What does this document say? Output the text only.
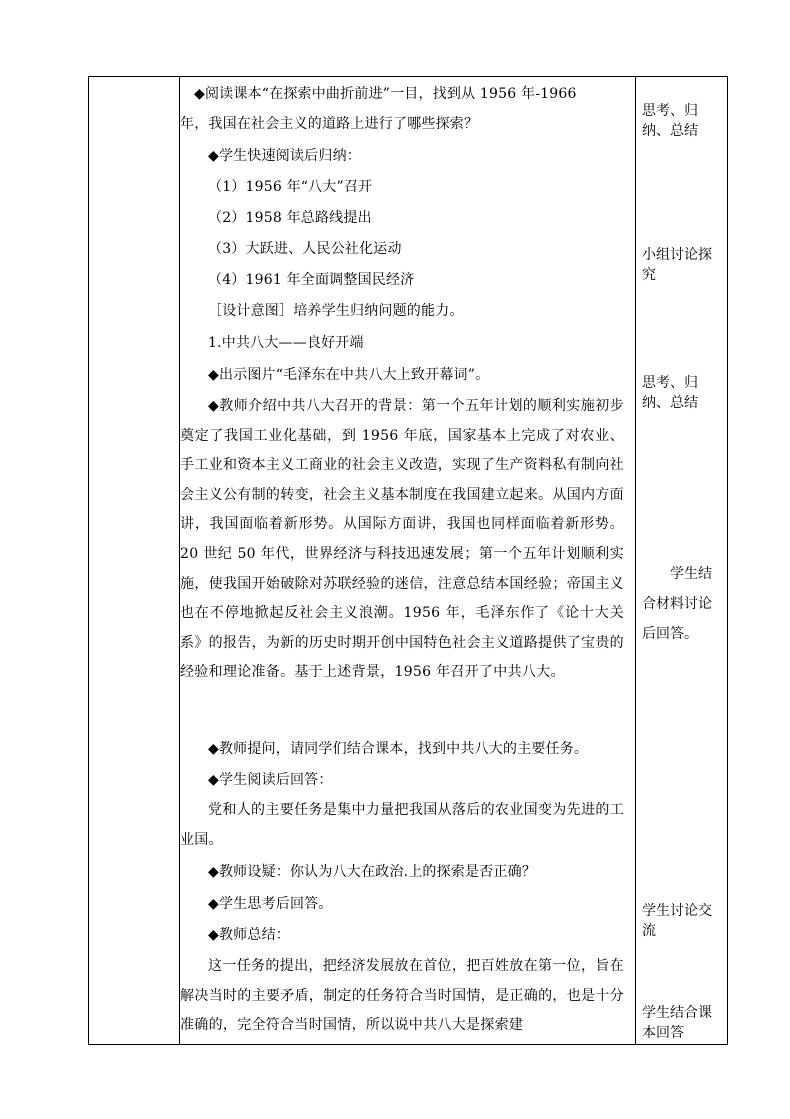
◆阅读课本“在探索中曲折前进”一目，找到从 1956 年-1966
年，我国在社会主义的道路上进行了哪些探索？
◆学生快速阅读后归纳：
（1）1956 年“八大”召开
（2）1958 年总路线提出
（3）大跃进、人民公社化运动
（4）1961 年全面调整国民经济
［设计意图］培养学生归纳问题的能力。
1.中共八大——良好开端
◆出示图片“毛泽东在中共八大上致开幕词”。
◆教师介绍中共八大召开的背景：第一个五年计划的顺利实施初步奠定了我国工业化基础，到 1956 年底，国家基本上完成了对农业、手工业和资本主义工商业的社会主义改造，实现了生产资料私有制向社会主义公有制的转变，社会主义基本制度在我国建立起来。从国内方面讲，我国面临着新形势。从国际方面讲，我国也同样面临着新形势。20 世纪 50 年代，世界经济与科技迅速发展；第一个五年计划顺利实施，使我国开始破除对苏联经验的迷信，注意总结本国经验；帝国主义也在不停地掀起反社会主义浪潮。1956 年，毛泽东作了《论十大关系》的报告，为新的历史时期开创中国特色社会主义道路提供了宝贵的经验和理论准备。基于上述背景，1956 年召开了中共八大。
◆教师提问，请同学们结合课本，找到中共八大的主要任务。
◆学生阅读后回答：
党和人的主要任务是集中力量把我国从落后的农业国变为先进的工业国。
◆教师设疑：你认为八大在政治.上的探索是否正确？
◆学生思考后回答。
◆教师总结：
这一任务的提出，把经济发展放在首位，把百姓放在第一位，旨在解决当时的主要矛盾，制定的任务符合当时国情，是正确的，也是十分准确的，完全符合当时国情，所以说中共八大是探索建
思考、归纳、总结
小组讨论探究
思考、归纳、总结
学生结合材料讨论后回答。
学生讨论交流
学生结合课本回答
